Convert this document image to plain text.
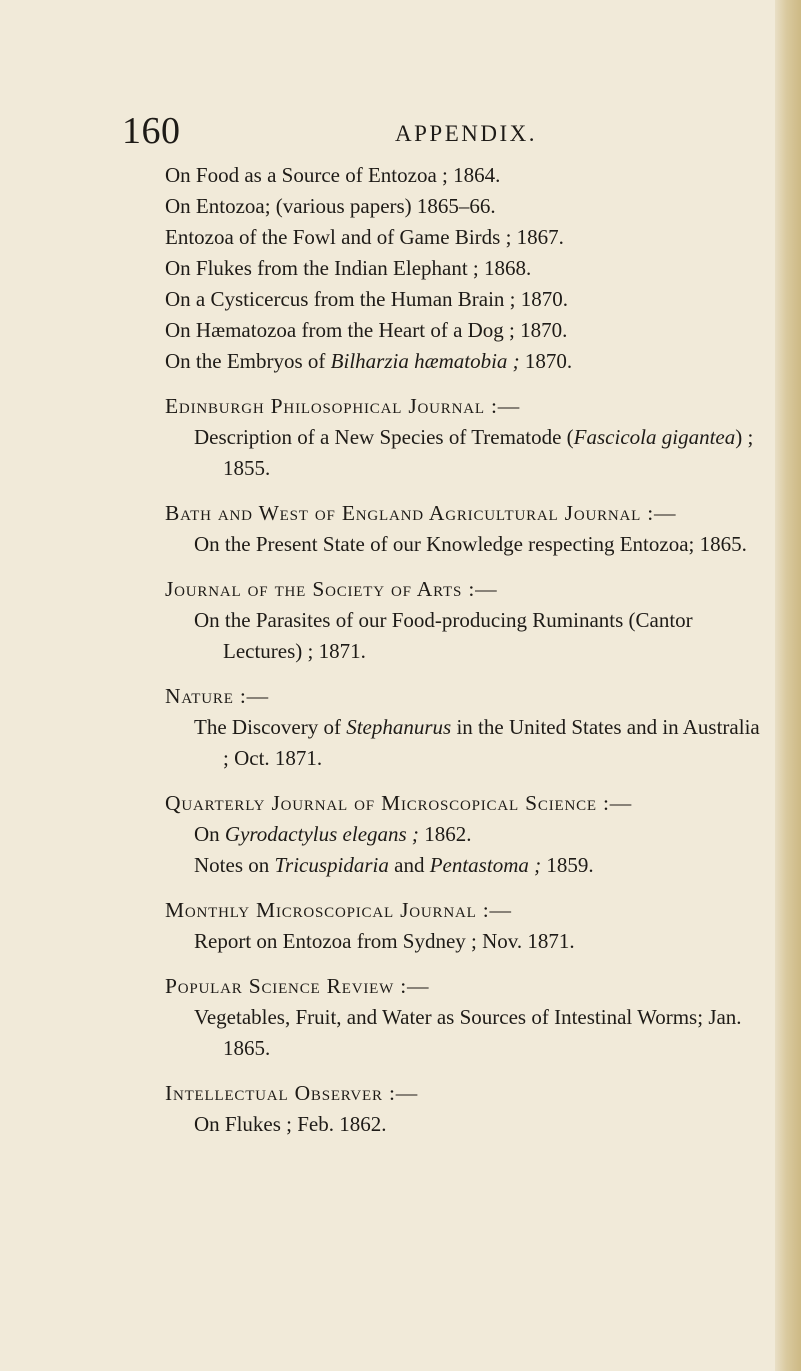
160	APPENDIX.
On Food as a Source of Entozoa ; 1864.
On Entozoa; (various papers) 1865–66.
Entozoa of the Fowl and of Game Birds ; 1867.
On Flukes from the Indian Elephant ; 1868.
On a Cysticercus from the Human Brain ; 1870.
On Hæmatozoa from the Heart of a Dog ; 1870.
On the Embryos of Bilharzia hæmatobia ; 1870.
Edinburgh Philosophical Journal :—
Description of a New Species of Trematode (Fascicola gigantea) ; 1855.
Bath and West of England Agricultural Journal :—
On the Present State of our Knowledge respecting Entozoa; 1865.
Journal of the Society of Arts :—
On the Parasites of our Food-producing Ruminants (Cantor Lectures) ; 1871.
Nature :—
The Discovery of Stephanurus in the United States and in Australia ; Oct. 1871.
Quarterly Journal of Microscopical Science :—
On Gyrodactylus elegans ; 1862.
Notes on Tricuspidaria and Pentastoma ; 1859.
Monthly Microscopical Journal :—
Report on Entozoa from Sydney ; Nov. 1871.
Popular Science Review :—
Vegetables, Fruit, and Water as Sources of Intestinal Worms; Jan. 1865.
Intellectual Observer :—
On Flukes ; Feb. 1862.
